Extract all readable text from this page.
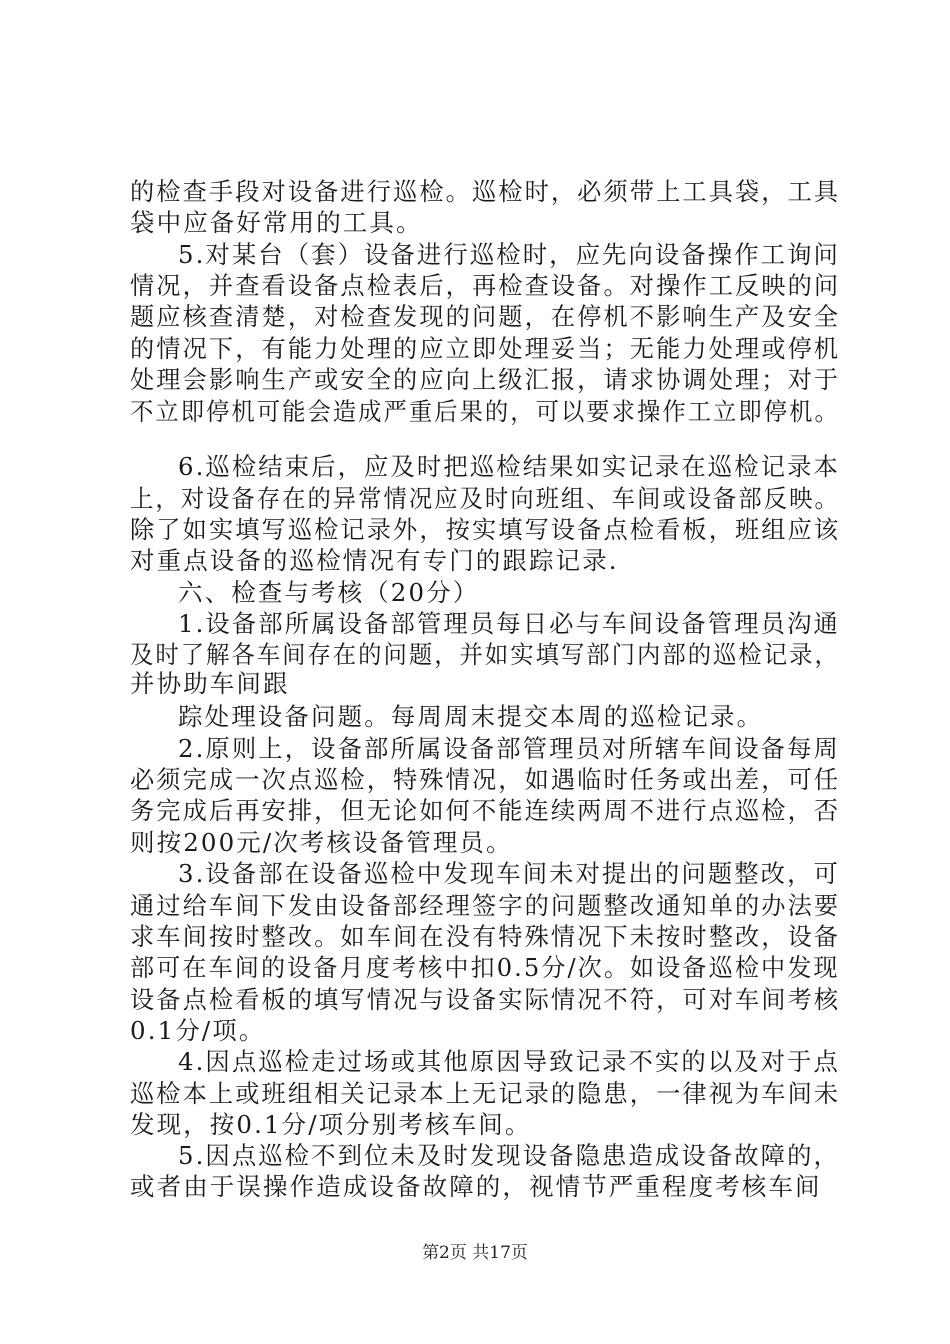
的检查手段对设备进行巡检。巡检时，必须带上工具袋，工具
袋中应备好常用的工具。
5.对某台（套）设备进行巡检时，应先向设备操作工询问
情况，并查看设备点检表后，再检查设备。对操作工反映的问
题应核查清楚，对检查发现的问题，在停机不影响生产及安全
的情况下，有能力处理的应立即处理妥当；无能力处理或停机
处理会影响生产或安全的应向上级汇报，请求协调处理；对于
不立即停机可能会造成严重后果的，可以要求操作工立即停机。
6.巡检结束后，应及时把巡检结果如实记录在巡检记录本
上，对设备存在的异常情况应及时向班组、车间或设备部反映。
除了如实填写巡检记录外，按实填写设备点检看板，班组应该
对重点设备的巡检情况有专门的跟踪记录.
六、检查与考核（20分）
1.设备部所属设备部管理员每日必与车间设备管理员沟通
及时了解各车间存在的问题，并如实填写部门内部的巡检记录，
并协助车间跟
踪处理设备问题。每周周末提交本周的巡检记录。
2.原则上，设备部所属设备部管理员对所辖车间设备每周
必须完成一次点巡检，特殊情况，如遇临时任务或出差，可任
务完成后再安排，但无论如何不能连续两周不进行点巡检，否
则按200元/次考核设备管理员。
3.设备部在设备巡检中发现车间未对提出的问题整改，可
通过给车间下发由设备部经理签字的问题整改通知单的办法要
求车间按时整改。如车间在没有特殊情况下未按时整改，设备
部可在车间的设备月度考核中扣0.5分/次。如设备巡检中发现
设备点检看板的填写情况与设备实际情况不符，可对车间考核
0.1分/项。
4.因点巡检走过场或其他原因导致记录不实的以及对于点
巡检本上或班组相关记录本上无记录的隐患，一律视为车间未
发现，按0.1分/项分别考核车间。
5.因点巡检不到位未及时发现设备隐患造成设备故障的，
或者由于误操作造成设备故障的，视情节严重程度考核车间
第2页 共17页
